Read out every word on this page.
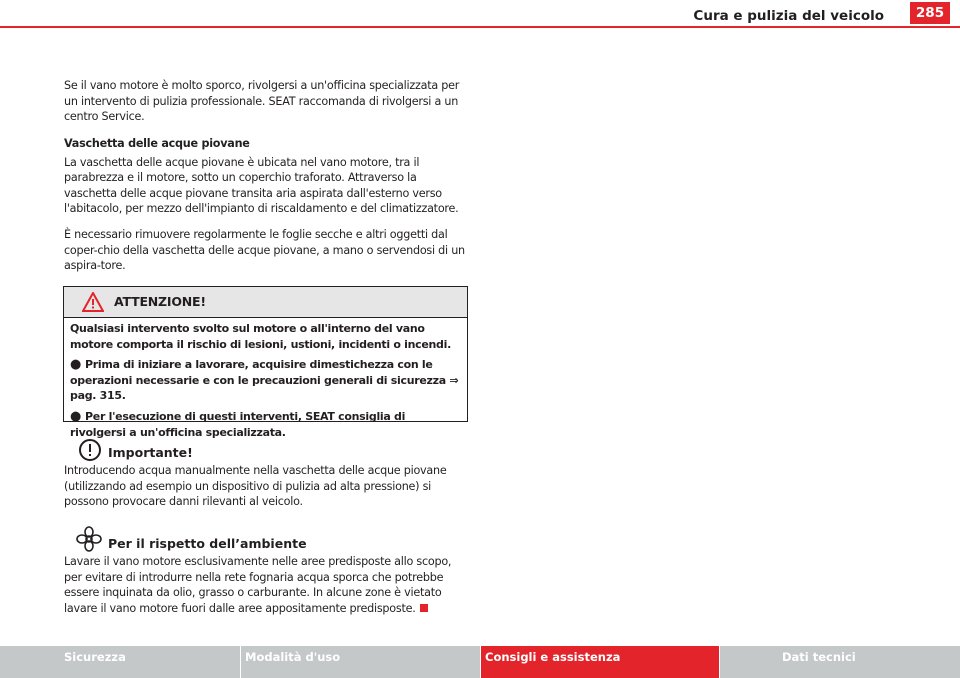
Cura e pulizia del veicolo	285

Se il vano motore è molto sporco, rivolgersi a un'officina specializzata per un intervento di pulizia professionale. SEAT raccomanda di rivolgersi a un centro Service.

Vaschetta delle acque piovane

La vaschetta delle acque piovane è ubicata nel vano motore, tra il parabrezza e il motore, sotto un coperchio traforato. Attraverso la vaschetta delle acque piovane transita aria aspirata dall'esterno verso l'abitacolo, per mezzo dell'impianto di riscaldamento e del climatizzatore.

È necessario rimuovere regolarmente le foglie secche e altri oggetti dal coper-chio della vaschetta delle acque piovane, a mano o servendosi di un aspira-tore.

ATTENZIONE!

Qualsiasi intervento svolto sul motore o all'interno del vano motore comporta il rischio di lesioni, ustioni, incidenti o incendi.

● Prima di iniziare a lavorare, acquisire dimestichezza con le operazioni necessarie e con le precauzioni generali di sicurezza ⇒ pag. 315.

● Per l'esecuzione di questi interventi, SEAT consiglia di rivolgersi a un'officina specializzata.

Importante!

Introducendo acqua manualmente nella vaschetta delle acque piovane (utilizzando ad esempio un dispositivo di pulizia ad alta pressione) si possono provocare danni rilevanti al veicolo.

Per il rispetto dell’ambiente

Lavare il vano motore esclusivamente nelle aree predisposte allo scopo, per evitare di introdurre nella rete fognaria acqua sporca che potrebbe essere inquinata da olio, grasso o carburante. In alcune zone è vietato lavare il vano motore fuori dalle aree appositamente predisposte.

Sicurezza	Modalità d'uso	Consigli e assistenza	Dati tecnici
